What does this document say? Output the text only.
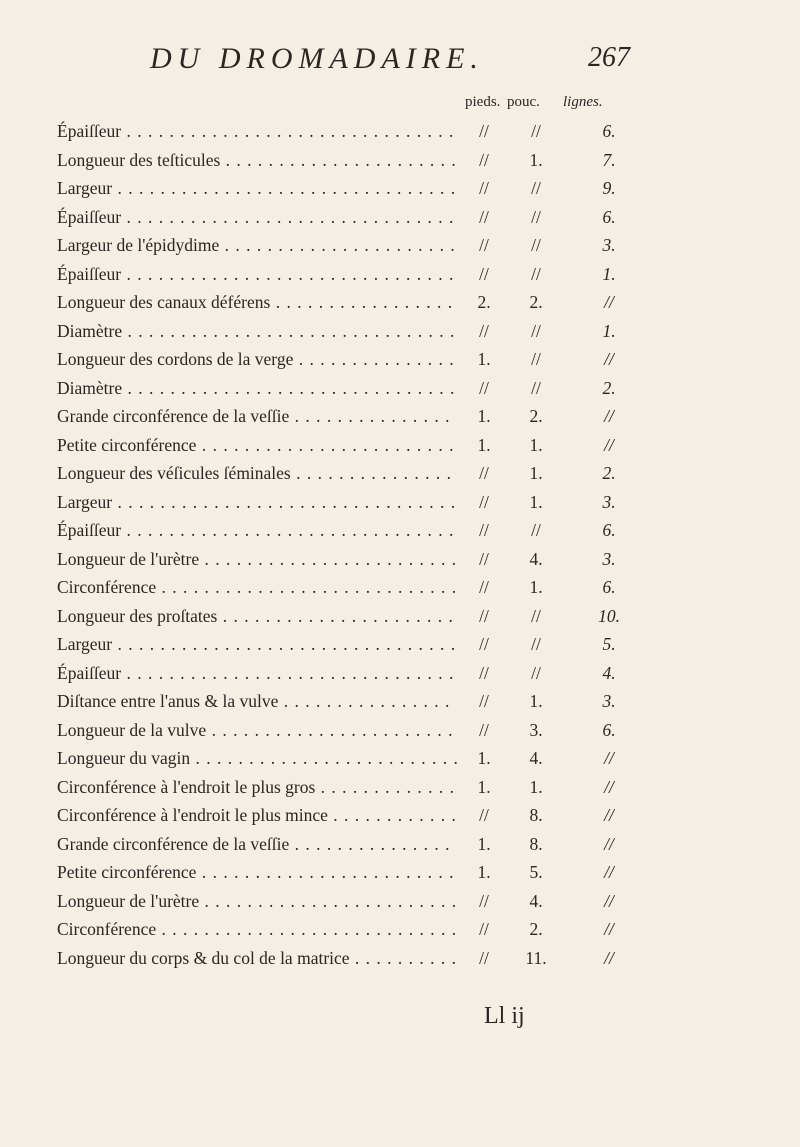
DU DROMADAIRE.	267
pieds. pouc. lignes.
Épaiſſeur . . .	//	//	6.
Longueur des teſticules . . .	//	1.	7.
Largeur . . .	//	//	9.
Épaiſſeur . . .	//	//	6.
Largeur de l'épidydime . . .	//	//	3.
Épaiſſeur . . .	//	//	1.
Longueur des canaux déférens . . .	2.	2.	//
Diamètre . . .	//	//	1.
Longueur des cordons de la verge . . .	1.	//	//
Diamètre . . .	//	//	2.
Grande circonférence de la veſſie . . .	1.	2.	//
Petite circonférence . . .	1.	1.	//
Longueur des véſicules ſéminales . . .	//	1.	2.
Largeur . . .	//	1.	3.
Épaiſſeur . . .	//	//	6.
Longueur de l'urètre . . .	//	4.	3.
Circonférence . . .	//	1.	6.
Longueur des proſtates . . .	//	//	10.
Largeur . . .	//	//	5.
Épaiſſeur . . .	//	//	4.
Diſtance entre l'anus & la vulve . . .	//	1.	3.
Longueur de la vulve . . .	//	3.	6.
Longueur du vagin . . .	1.	4.	//
Circonférence à l'endroit le plus gros . . .	1.	1.	//
Circonférence à l'endroit le plus mince . . .	//	8.	//
Grande circonférence de la veſſie . . .	1.	8.	//
Petite circonférence . . .	1.	5.	//
Longueur de l'urètre . . .	//	4.	//
Circonférence . . .	//	2.	//
Longueur du corps & du col de la matrice . . .	//	11.	//
Ll ij
